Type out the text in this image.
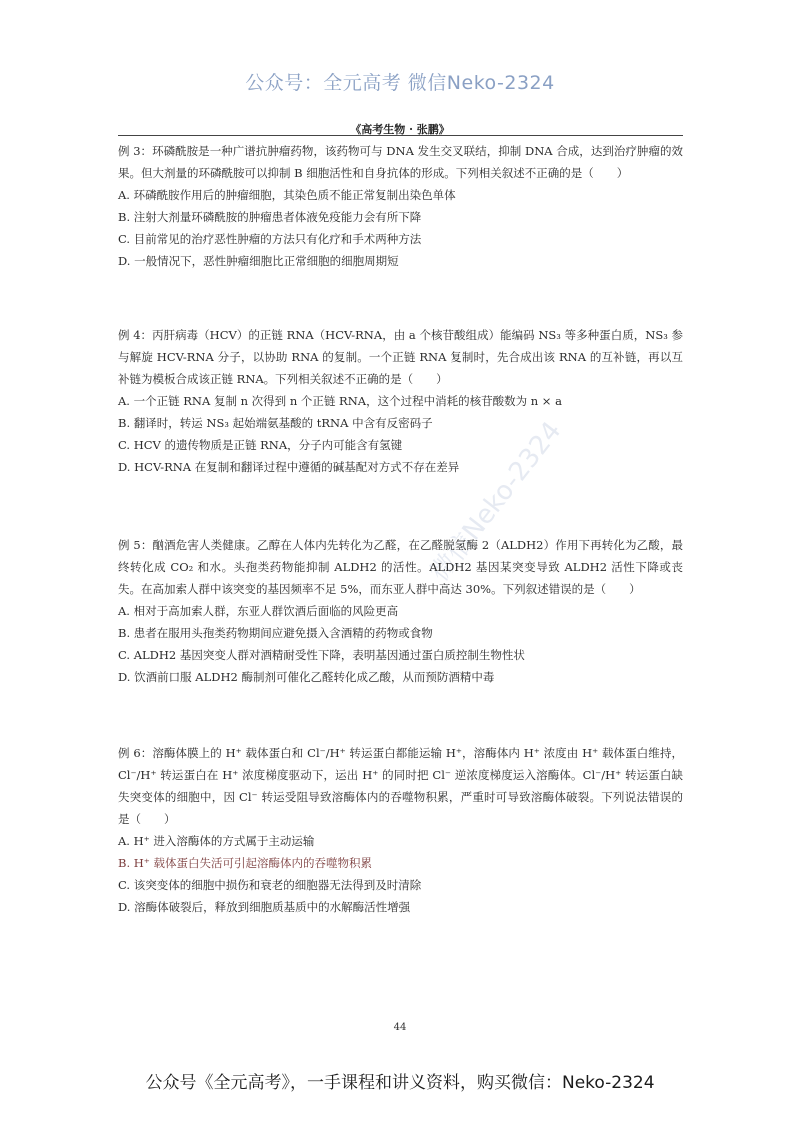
公众号：全元高考 微信Neko-2324
微信Neko-2324
《高考生物 · 张鹏》

例 3：环磷酰胺是一种广谱抗肿瘤药物，该药物可与 DNA 发生交叉联结，抑制 DNA 合成，达到治疗肿瘤的效果。但大剂量的环磷酰胺可以抑制 B 细胞活性和自身抗体的形成。下列相关叙述不正确的是（　　）

A. 环磷酰胺作用后的肿瘤细胞，其染色质不能正常复制出染色单体

B. 注射大剂量环磷酰胺的肿瘤患者体液免疫能力会有所下降

C. 目前常见的治疗恶性肿瘤的方法只有化疗和手术两种方法

D. 一般情况下，恶性肿瘤细胞比正常细胞的细胞周期短

例 4：丙肝病毒（HCV）的正链 RNA（HCV-RNA，由 a 个核苷酸组成）能编码 NS₃ 等多种蛋白质，NS₃ 参与解旋 HCV-RNA 分子，以协助 RNA 的复制。一个正链 RNA 复制时，先合成出该 RNA 的互补链，再以互补链为模板合成该正链 RNA。下列相关叙述不正确的是（　　）

A. 一个正链 RNA 复制 n 次得到 n 个正链 RNA，这个过程中消耗的核苷酸数为 n × a

B. 翻译时，转运 NS₃ 起始端氨基酸的 tRNA 中含有反密码子

C. HCV 的遗传物质是正链 RNA，分子内可能含有氢键

D. HCV-RNA 在复制和翻译过程中遵循的碱基配对方式不存在差异

例 5：酗酒危害人类健康。乙醇在人体内先转化为乙醛，在乙醛脱氢酶 2（ALDH2）作用下再转化为乙酸，最终转化成 CO₂ 和水。头孢类药物能抑制 ALDH2 的活性。ALDH2 基因某突变导致 ALDH2 活性下降或丧失。在高加索人群中该突变的基因频率不足 5%，而东亚人群中高达 30%。下列叙述错误的是（　　）

A. 相对于高加索人群，东亚人群饮酒后面临的风险更高

B. 患者在服用头孢类药物期间应避免摄入含酒精的药物或食物

C. ALDH2 基因突变人群对酒精耐受性下降，表明基因通过蛋白质控制生物性状

D. 饮酒前口服 ALDH2 酶制剂可催化乙醛转化成乙酸，从而预防酒精中毒

例 6：溶酶体膜上的 H⁺ 载体蛋白和 Cl⁻/H⁺ 转运蛋白都能运输 H⁺，溶酶体内 H⁺ 浓度由 H⁺ 载体蛋白维持，Cl⁻/H⁺ 转运蛋白在 H⁺ 浓度梯度驱动下，运出 H⁺ 的同时把 Cl⁻ 逆浓度梯度运入溶酶体。Cl⁻/H⁺ 转运蛋白缺失突变体的细胞中，因 Cl⁻ 转运受阻导致溶酶体内的吞噬物积累，严重时可导致溶酶体破裂。下列说法错误的是（　　）

A. H⁺ 进入溶酶体的方式属于主动运输

B. H⁺ 载体蛋白失活可引起溶酶体内的吞噬物积累

C. 该突变体的细胞中损伤和衰老的细胞器无法得到及时清除

D. 溶酶体破裂后，释放到细胞质基质中的水解酶活性增强

44
公众号《全元高考》，一手课程和讲义资料，购买微信：Neko-2324
